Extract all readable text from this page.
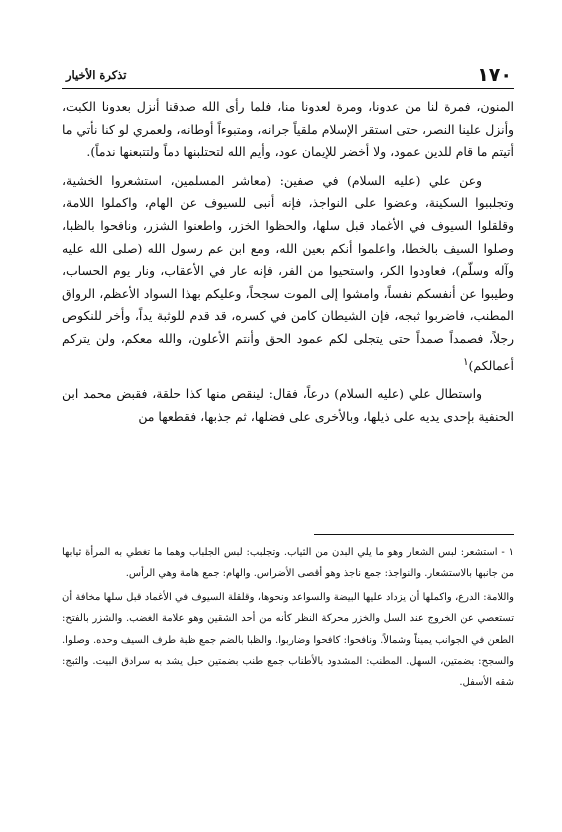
١٧٠
تذكرة الأخيار

المنون، فمرة لنا من عدونا، ومرة لعدونا منا، فلما رأى الله صدقنا أنزل بعدونا الكبت، وأنزل علينا النصر، حتى استقر الإسلام ملقياً جرانه، ومتبوءاً أوطانه، ولعمري لو كنا نأتي ما أتيتم ما قام للدين عمود، ولا أخضر للإيمان عود، وأيم الله لتحتلبنها دماً ولتتبعنها ندماً).

وعن علي (عليه السلام) في صفين: (معاشر المسلمين، استشعروا الخشية، وتجلببوا السكينة، وعضوا على النواجذ، فإنه أنبى للسيوف عن الهام، واكملوا اللامة، وقلقلوا السيوف في الأغماد قبل سلها، والحظوا الخزر، واطعنوا الشزر، ونافحوا بالظبا، وصلوا السيف بالخطا، واعلموا أنكم بعين الله، ومع ابن عم رسول الله (صلى الله عليه وآله وسلّم)، فعاودوا الكر، واستحيوا من الفر، فإنه عار في الأعقاب، ونار يوم الحساب، وطيبوا عن أنفسكم نفساً، وامشوا إلى الموت سجحاً، وعليكم بهذا السواد الأعظم، الرواق المطنب، فاضربوا ثبجه، فإن الشيطان كامن في كسره، قد قدم للوثبة يداً، وأخر للنكوص رجلاً، فصمداً صمداً حتى يتجلى لكم عمود الحق وأنتم الأعلون، والله معكم، ولن يتركم أعمالكم)$^١$

واستطال علي (عليه السلام) درعاً، فقال: لينقص منها كذا حلقة، فقبض محمد ابن الحنفية بإحدى يديه على ذيلها، وبالأخرى على فضلها، ثم جذبها، فقطعها من

١ - استشعر: لبس الشعار وهو ما يلي البدن من الثياب. وتجلبب: لبس الجلباب وهما ما تغطي به المرأة ثيابها من جانبها بالاستشعار. والنواجذ: جمع ناجذ وهو أقصى الأضراس. والهام: جمع هامة وهي الرأس.

واللامة: الدرع، واكملها أن يزداد عليها البيضة والسواعد ونحوها، وقلقلة السيوف في الأغماد قبل سلها مخافة أن تستعصي عن الخروج عند السل والخزر محركة النظر كأنه من أحد الشقين وهو علامة الغضب. والشزر بالفتح: الطعن في الجوانب يميناً وشمالاً. ونافحوا: كافحوا وضاربوا. والظبا بالضم جمع ظبة طرف السيف وحده. وصلوا. والسجح: بضمتين، السهل. المطنب: المشدود بالأطناب جمع طنب بضمتين حبل يشد به سرادق البيت. والثبج: شقه الأسفل.
